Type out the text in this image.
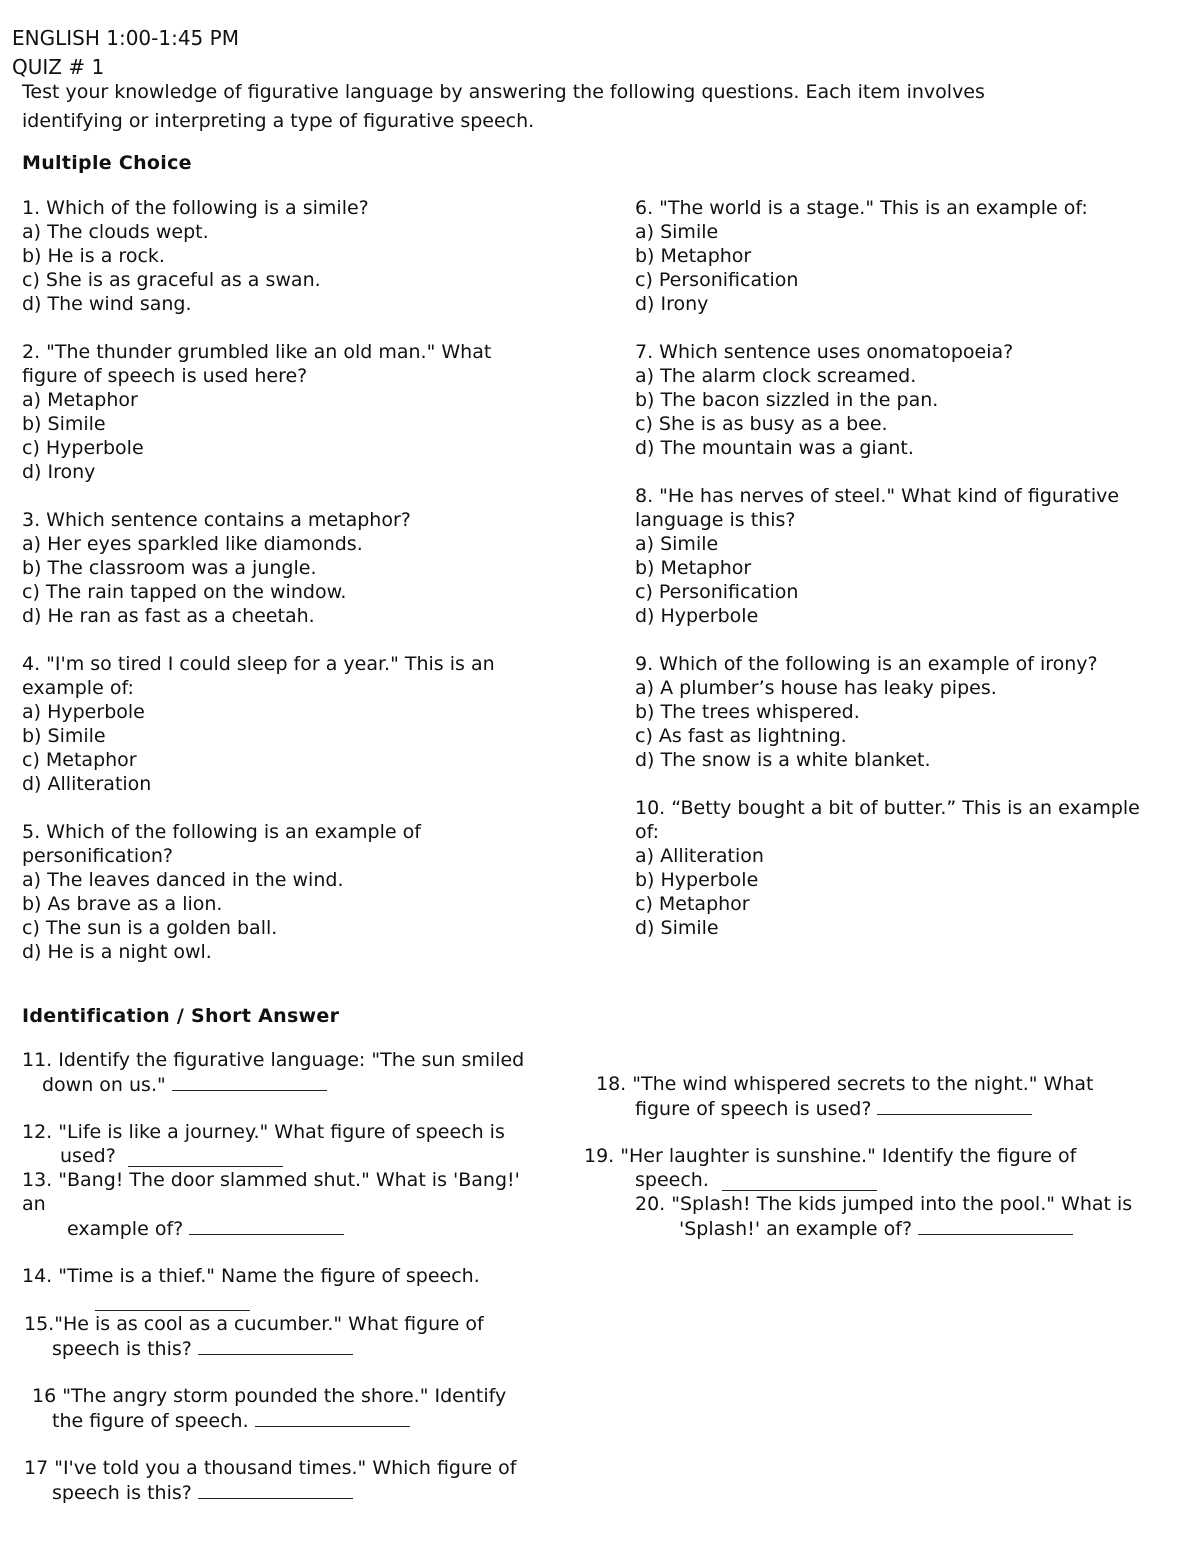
ENGLISH 1:00-1:45 PM
QUIZ # 1
Test your knowledge of figurative language by answering the following questions. Each item involves
identifying or interpreting a type of figurative speech.
Multiple Choice
1. Which of the following is a simile?
a) The clouds wept.
b) He is a rock.
c) She is as graceful as a swan.
d) The wind sang.
2. "The thunder grumbled like an old man." What
figure of speech is used here?
a) Metaphor
b) Simile
c) Hyperbole
d) Irony
3. Which sentence contains a metaphor?
a) Her eyes sparkled like diamonds.
b) The classroom was a jungle.
c) The rain tapped on the window.
d) He ran as fast as a cheetah.
4. "I'm so tired I could sleep for a year." This is an
example of:
a) Hyperbole
b) Simile
c) Metaphor
d) Alliteration
5. Which of the following is an example of
personification?
a) The leaves danced in the wind.
b) As brave as a lion.
c) The sun is a golden ball.
d) He is a night owl.
6. "The world is a stage." This is an example of:
a) Simile
b) Metaphor
c) Personification
d) Irony
7. Which sentence uses onomatopoeia?
a) The alarm clock screamed.
b) The bacon sizzled in the pan.
c) She is as busy as a bee.
d) The mountain was a giant.
8. "He has nerves of steel." What kind of figurative
language is this?
a) Simile
b) Metaphor
c) Personification
d) Hyperbole
9. Which of the following is an example of irony?
a) A plumber’s house has leaky pipes.
b) The trees whispered.
c) As fast as lightning.
d) The snow is a white blanket.
10. “Betty bought a bit of butter.” This is an example
of:
a) Alliteration
b) Hyperbole
c) Metaphor
d) Simile
Identification / Short Answer
11. Identify the figurative language: "The sun smiled
down on us."
12. "Life is like a journey." What figure of speech is
used?
13. "Bang! The door slammed shut." What is 'Bang!'
an
example of?
14. "Time is a thief." Name the figure of speech.
15."He is as cool as a cucumber." What figure of
speech is this?
16 "The angry storm pounded the shore." Identify
the figure of speech.
17 "I've told you a thousand times." Which figure of
speech is this?
18. "The wind whispered secrets to the night." What
figure of speech is used?
19. "Her laughter is sunshine." Identify the figure of
speech.
20. "Splash! The kids jumped into the pool." What is
'Splash!' an example of?
